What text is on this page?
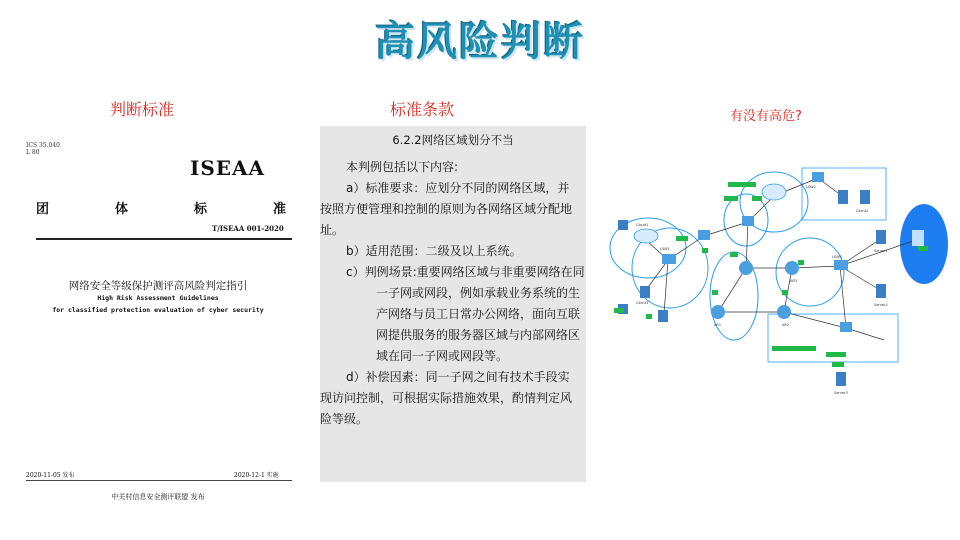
高风险判断
判断标准	标准条款	有没有高危?
ICS 35.040
L 80
ISEAA
团	体	标	准
T/ISEAA 001-2020
网络安全等级保护测评高风险判定指引
High Risk Assessment Guidelines
for classified protection evaluation of cyber security
2020-11-05 发布	2020-12-1 实施
中关村信息安全测评联盟 发布
6.2.2网络区域划分不当

本判例包括以下内容:

a）标准要求：应划分不同的网络区域，并按照方便管理和控制的原则为各网络区域分配地址。

b）适用范围：二级及以上系统。

c）判例场景:重要网络区域与非重要网络在同一子网或网段，例如承载业务系统的生产网络与员工日常办公网络，面向互联网提供服务的服务器区域与内部网络区域在同一子网或网段等。

d）补偿因素：同一子网之间有技术手段实现访问控制，可根据实际措施效果，酌情判定风险等级。

Cloud1
LSW1
LSW2
LSW3
AR1	AR2
AR3
Client1
Client2
Server1
Server2
Server3
